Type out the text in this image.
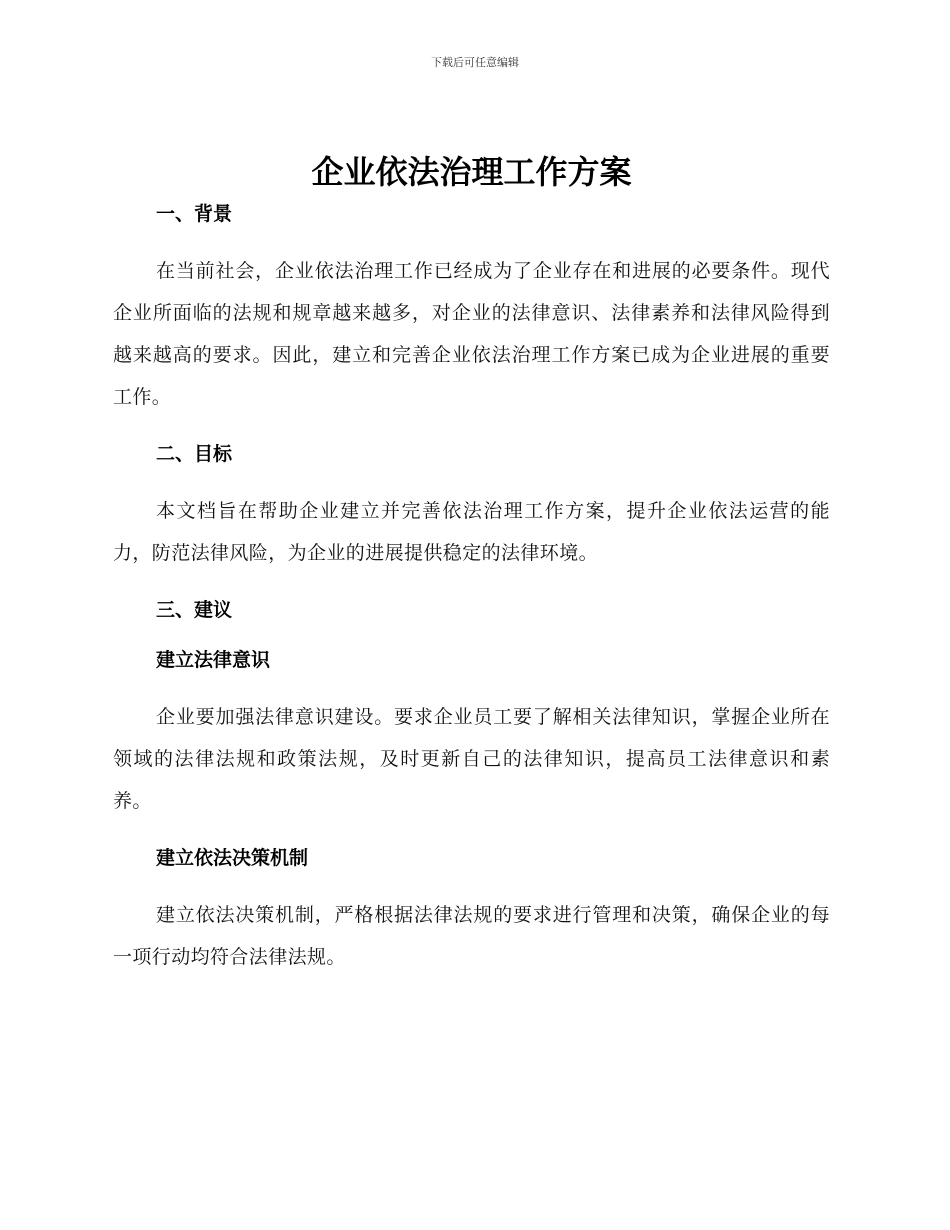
下载后可任意编辑
企业依法治理工作方案
一、背景

在当前社会，企业依法治理工作已经成为了企业存在和进展的必要条件。现代企业所面临的法规和规章越来越多，对企业的法律意识、法律素养和法律风险得到越来越高的要求。因此，建立和完善企业依法治理工作方案已成为企业进展的重要工作。

二、目标

本文档旨在帮助企业建立并完善依法治理工作方案，提升企业依法运营的能力，防范法律风险，为企业的进展提供稳定的法律环境。

三、建议
建立法律意识

企业要加强法律意识建设。要求企业员工要了解相关法律知识，掌握企业所在领域的法律法规和政策法规，及时更新自己的法律知识，提高员工法律意识和素养。

建立依法决策机制

建立依法决策机制，严格根据法律法规的要求进行管理和决策，确保企业的每一项行动均符合法律法规。
